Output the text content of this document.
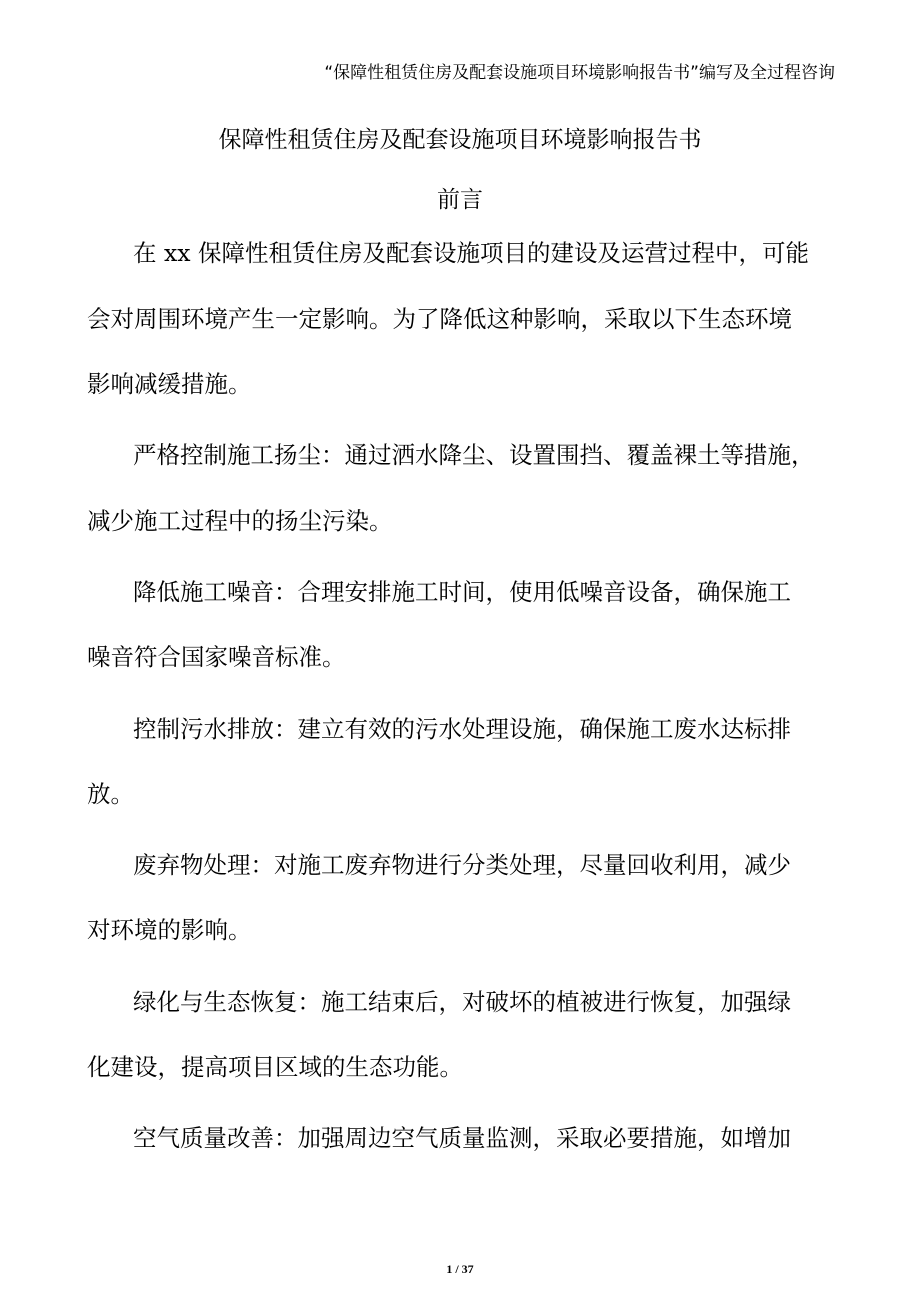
“保障性租赁住房及配套设施项目环境影响报告书”编写及全过程咨询
保障性租赁住房及配套设施项目环境影响报告书
前言
在 xx 保障性租赁住房及配套设施项目的建设及运营过程中，可能
会对周围环境产生一定影响。为了降低这种影响，采取以下生态环境
影响减缓措施。
严格控制施工扬尘：通过洒水降尘、设置围挡、覆盖裸土等措施，
减少施工过程中的扬尘污染。
降低施工噪音：合理安排施工时间，使用低噪音设备，确保施工
噪音符合国家噪音标准。
控制污水排放：建立有效的污水处理设施，确保施工废水达标排
放。
废弃物处理：对施工废弃物进行分类处理，尽量回收利用，减少
对环境的影响。
绿化与生态恢复：施工结束后，对破坏的植被进行恢复，加强绿
化建设，提高项目区域的生态功能。
空气质量改善：加强周边空气质量监测，采取必要措施，如增加
1 / 37
